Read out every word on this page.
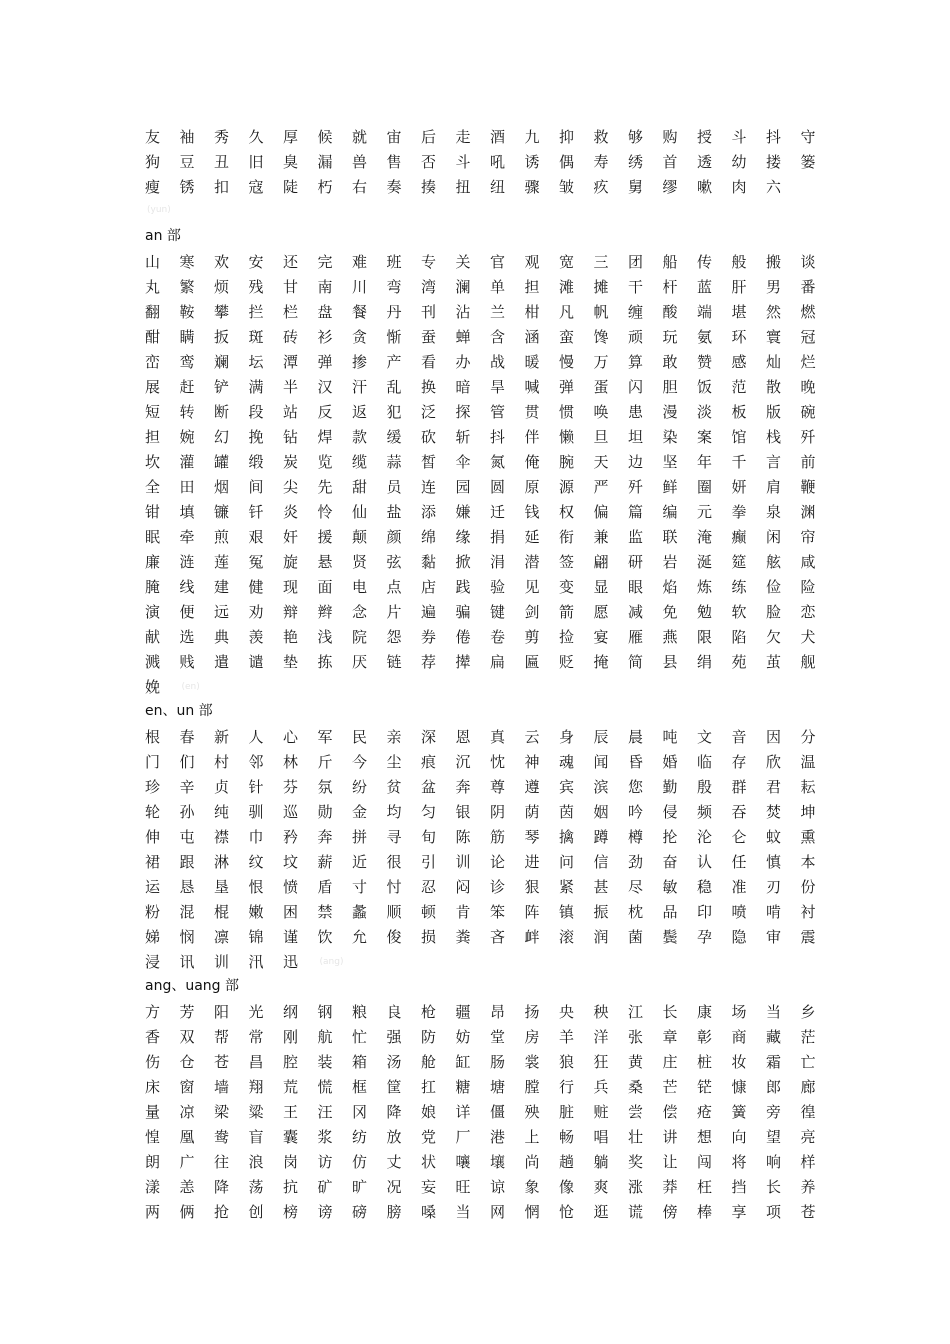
友 袖 秀 久 厚 候 就 宙 后 走 酒 九 抑 救 够 购 授 斗 抖 守
狗 豆 丑 旧 臭 漏 兽 售 否 斗 吼 诱 偶 寿 绣 首 透 幼 搂 篓
瘦 锈 扣 寇 陡 朽 右 奏 揍 扭 纽 骤 皱 疚 舅 缪 嗽 肉 六
(yun)
an 部
山 寒 欢 安 还 完 难 班 专 关 官 观 宽 三 团 船 传 般 搬 谈
丸 繁 烦 残 甘 南 川 弯 湾 澜 单 担 滩 摊 干 杆 蓝 肝 男 番
翻 鞍 攀 拦 栏 盘 餐 丹 刊 沾 兰 柑 凡 帆 缠 酸 端 堪 然 燃
酣 瞒 扳 斑 砖 衫 贪 惭 蚕 蝉 含 涵 蛮 馋 顽 玩 氨 环 寰 冠
峦 鸾 斓 坛 潭 弹 掺 产 看 办 战 暖 慢 万 算 敢 赞 感 灿 烂
展 赶 铲 满 半 汉 汗 乱 换 暗 旱 喊 弹 蛋 闪 胆 饭 范 散 晚
短 转 断 段 站 反 返 犯 泛 探 管 贯 惯 唤 患 漫 淡 板 版 碗
担 婉 幻 挽 钻 焊 款 缓 砍 斩 抖 伴 懒 旦 坦 染 案 馆 栈 歼
坎 灌 罐 缎 炭 览 缆 蒜 皙 伞 氮 俺 腕 天 边 坚 年 千 言 前
全 田 烟 间 尖 先 甜 员 连 园 圆 原 源 严 歼 鲜 圈 妍 肩 鞭
钳 填 镰 钎 炎 怜 仙 盐 添 嫌 迁 钱 权 偏 篇 编 元 拳 泉 渊
眠 牵 煎 艰 奸 援 颠 颜 绵 缘 捐 延 衔 兼 监 联 淹 癫 闲 帘
廉 涟 莲 冤 旋 悬 贤 弦 黏 掀 涓 潜 签 翩 研 岩 涎 筵 舷 咸
腌 线 建 健 现 面 电 点 店 践 验 见 变 显 眼 焰 炼 练 俭 险
演 便 远 劝 辩 辫 念 片 遍 骗 键 剑 箭 愿 减 免 勉 软 脸 恋
献 选 典 羡 艳 浅 院 怨 券 倦 卷 剪 捡 宴 雁 燕 限 陷 欠 犬
溅 贱 遣 谴 垫 拣 厌 链 荐 撵 扁 匾 贬 掩 简 县 绢 苑 茧 舰
娩 (en)
en、un 部
根 春 新 人 心 军 民 亲 深 恩 真 云 身 辰 晨 吨 文 音 因 分
门 们 村 邻 林 斤 今 尘 痕 沉 忱 神 魂 闻 昏 婚 临 存 欣 温
珍 辛 贞 针 芬 氛 纷 贫 盆 奔 尊 遵 宾 滨 您 勤 殷 群 君 耘
轮 孙 纯 驯 巡 勋 金 均 匀 银 阴 荫 茵 姻 吟 侵 频 吞 焚 坤
伸 屯 襟 巾 矜 奔 拼 寻 旬 陈 筋 琴 擒 蹲 樽 抡 沦 仑 蚊 熏
裙 跟 淋 纹 坟 薪 近 很 引 训 论 进 问 信 劲 奋 认 任 慎 本
运 恳 垦 恨 愤 盾 寸 忖 忍 闷 诊 狠 紧 甚 尽 敏 稳 准 刃 份
粉 混 棍 嫩 困 禁 蠡 顺 顿 肯 笨 阵 镇 振 枕 品 印 喷 啃 衬
娣 悯 凛 锦 谨 饮 允 俊 损 粪 吝 衅 滚 润 菌 鬓 孕 隐 审 震
浸 讯 训 汛 迅 (ang)
ang、uang 部
方 芳 阳 光 纲 钢 粮 良 枪 疆 昂 扬 央 秧 江 长 康 场 当 乡
香 双 帮 常 刚 航 忙 强 防 妨 堂 房 羊 洋 张 章 彰 商 藏 茫
伤 仓 苍 昌 腔 装 箱 汤 舱 缸 肠 裳 狼 狂 黄 庄 桩 妆 霜 亡
床 窗 墙 翔 荒 慌 框 筐 扛 糖 塘 膛 行 兵 桑 芒 铓 慷 郎 廊
量 凉 梁 粱 王 汪 冈 降 娘 详 僵 殃 脏 赃 尝 偿 疮 簧 旁 徨
惶 凰 鸯 盲 囊 浆 纺 放 党 厂 港 上 畅 唱 壮 讲 想 向 望 亮
朗 广 往 浪 岗 访 仿 丈 状 嚷 壤 尚 趟 躺 奖 让 闯 将 响 样
漾 恙 降 荡 抗 矿 旷 况 妄 旺 谅 象 像 爽 涨 莽 枉 挡 长 养
两 俩 抢 创 榜 谤 磅 膀 嗓 当 网 惘 怆 逛 谎 傍 棒 享 项 苍
